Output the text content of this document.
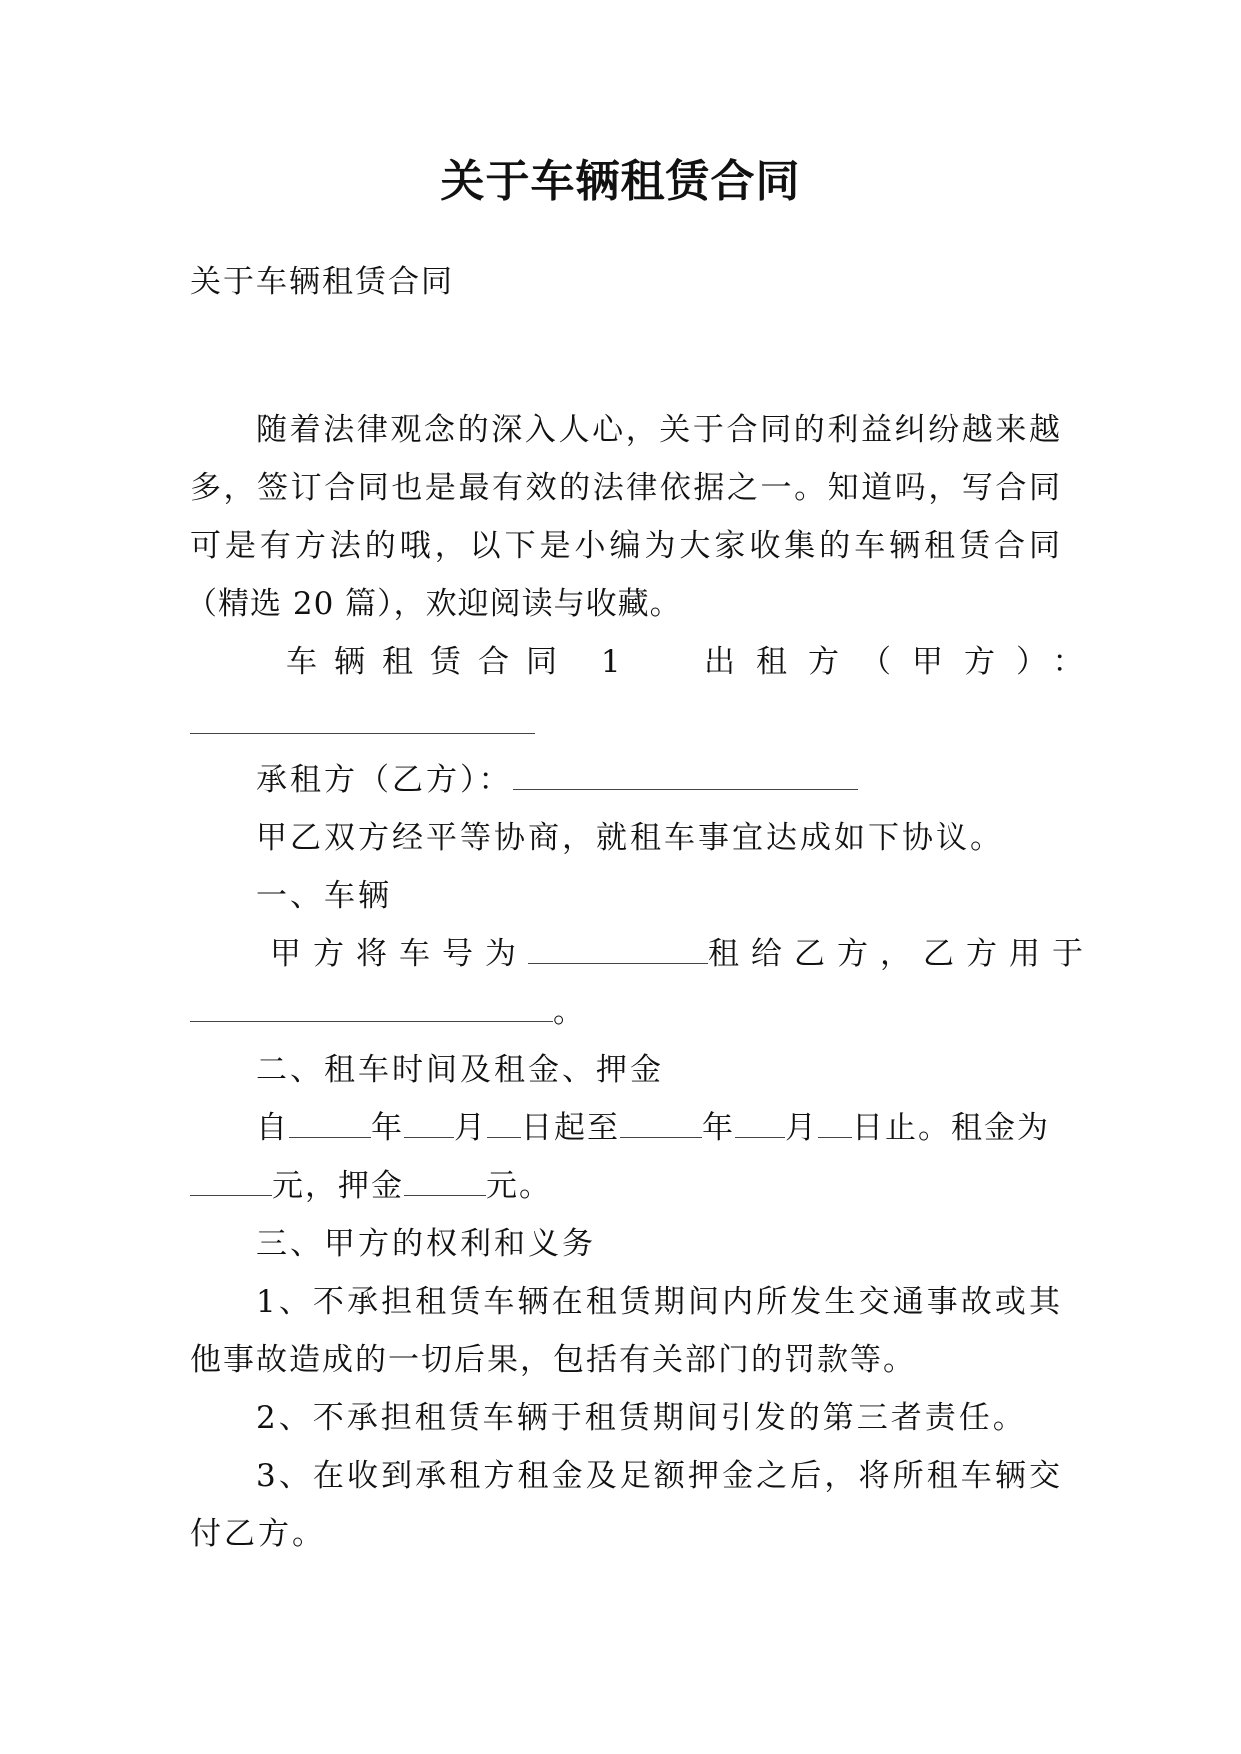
关于车辆租赁合同
关于车辆租赁合同
随着法律观念的深入人心，关于合同的利益纠纷越来越
多，签订合同也是最有效的法律依据之一。知道吗，写合同
可是有方法的哦，以下是小编为大家收集的车辆租赁合同
（精选 20 篇），欢迎阅读与收藏。
车辆租赁合同 1 出租方（甲方）：
承租方（乙方）：
甲乙双方经平等协商，就租车事宜达成如下协议。
一、车辆
甲方将车号为	租给乙方，乙方用于
。
二、租车时间及租金、押金
自	年 月 日起至	年 月 日止。租金为
元，押金	元。
三、甲方的权利和义务
1、不承担租赁车辆在租赁期间内所发生交通事故或其
他事故造成的一切后果，包括有关部门的罚款等。
2、不承担租赁车辆于租赁期间引发的第三者责任。
3、在收到承租方租金及足额押金之后，将所租车辆交
付乙方。
